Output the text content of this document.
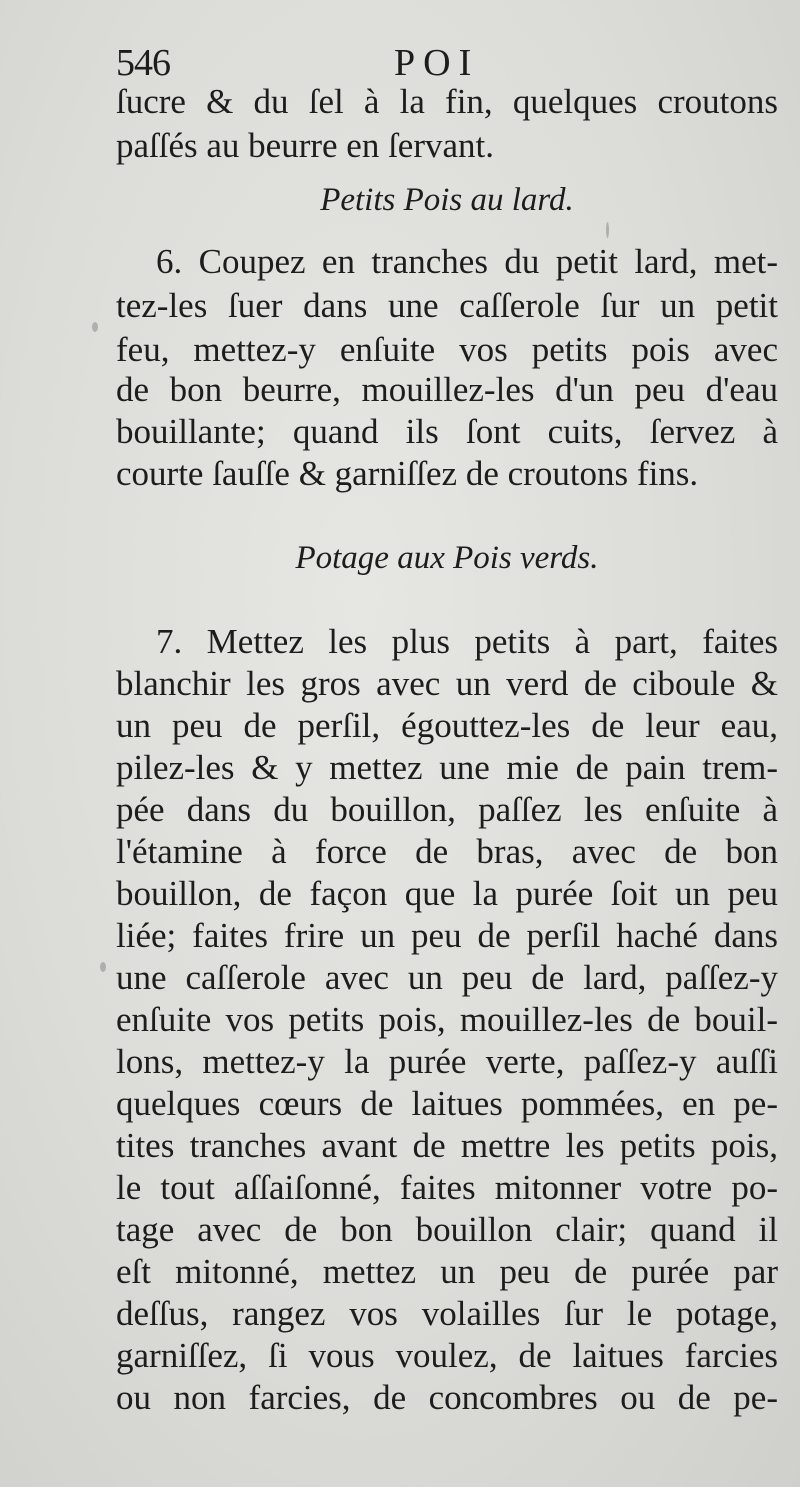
546	POI
ſucre & du ſel à la fin, quelques croutons
paſſés au beurre en ſervant.
Petits Pois au lard.
6. Coupez en tranches du petit lard, met-
tez-les ſuer dans une caſſerole ſur un petit
feu, mettez-y enſuite vos petits pois avec
de bon beurre, mouillez-les d'un peu d'eau
bouillante; quand ils ſont cuits, ſervez à
courte ſauſſe & garniſſez de croutons fins.
Potage aux Pois verds.
7. Mettez les plus petits à part, faites
blanchir les gros avec un verd de ciboule &
un peu de perſil, égouttez-les de leur eau,
pilez-les & y mettez une mie de pain trem-
pée dans du bouillon, paſſez les enſuite à
l'étamine à force de bras, avec de bon
bouillon, de façon que la purée ſoit un peu
liée; faites frire un peu de perſil haché dans
une caſſerole avec un peu de lard, paſſez-y
enſuite vos petits pois, mouillez-les de bouil-
lons, mettez-y la purée verte, paſſez-y auſſi
quelques cœurs de laitues pommées, en pe-
tites tranches avant de mettre les petits pois,
le tout aſſaiſonné, faites mitonner votre po-
tage avec de bon bouillon clair; quand il
eſt mitonné, mettez un peu de purée par
deſſus, rangez vos volailles ſur le potage,
garniſſez, ſi vous voulez, de laitues farcies
ou non farcies, de concombres ou de pe-
